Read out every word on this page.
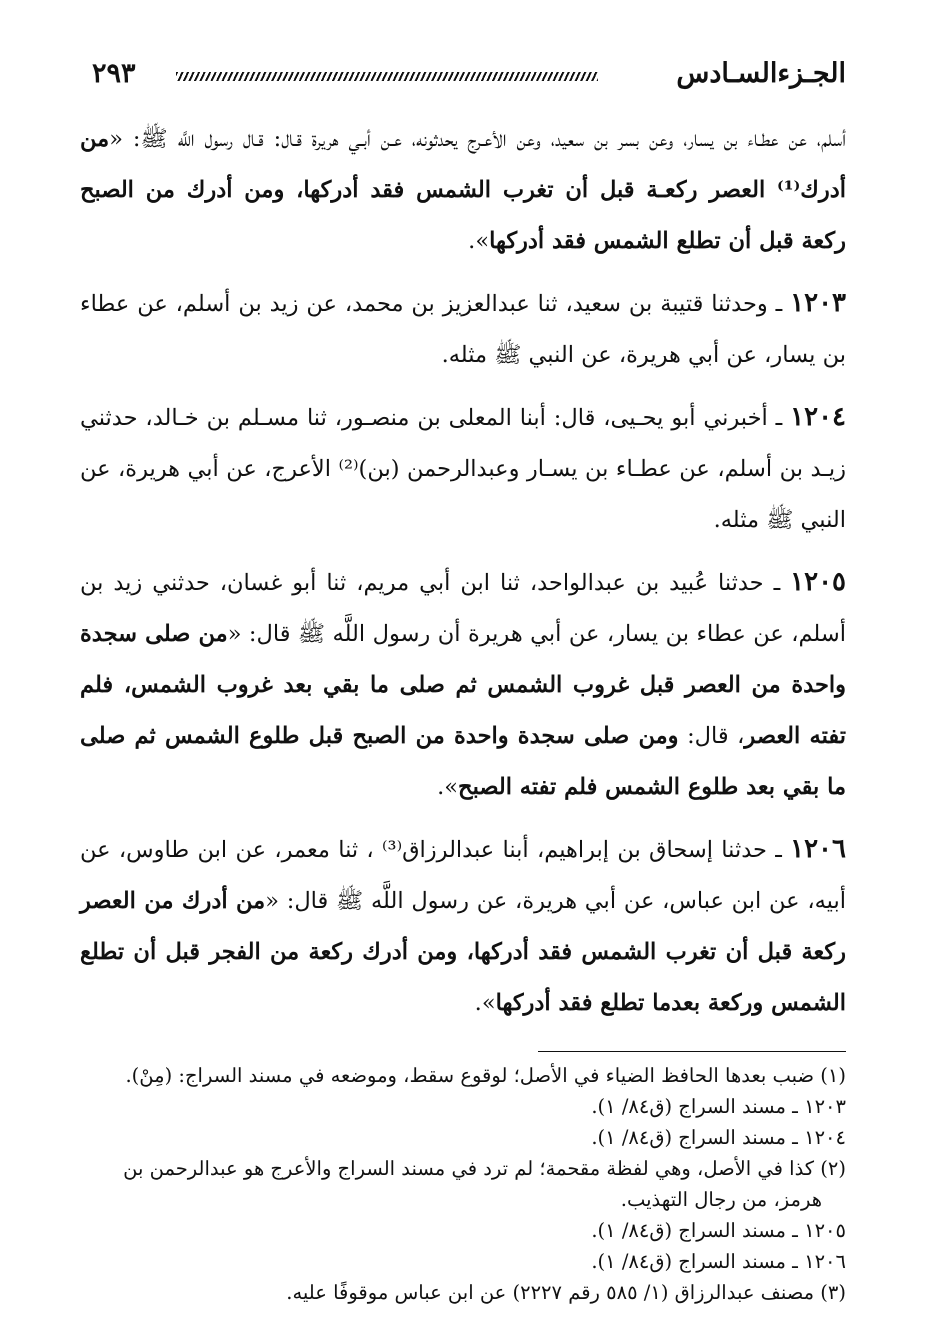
الجـزءالسـادس
٢٩٣

أسلم، عن عطـاء بن يسار، وعن بسر بن سعيد، وعن الأعـرج يحدثونه، عـن أبـي هريرة قـال: قـال رسول اللَّه ﷺ: «من أدرك⁽¹⁾ العصر ركعـة قبل أن تغرب الشمس فقد أدركها، ومن أدرك من الصبح ركعة قبل أن تطلع الشمس فقد أدركها».

١٢٠٣ ـ وحدثنا قتيبة بن سعيد، ثنا عبدالعزيز بن محمد، عن زيد بن أسلم، عن عطاء بن يسار، عن أبي هريرة، عن النبي ﷺ مثله.

١٢٠٤ ـ أخبرني أبو يحـيى، قال: أبنا المعلى بن منصـور، ثنا مسـلم بن خـالد، حدثني زيـد بن أسلم، عن عطـاء بن يسـار وعبدالرحمن (بن)⁽²⁾ الأعرج، عن أبي هريرة، عن النبي ﷺ مثله.

١٢٠٥ ـ حدثنا عُبيد بن عبدالواحد، ثنا ابن أبي مريم، ثنا أبو غسان، حدثني زيد بن أسلم، عن عطاء بن يسار، عن أبي هريرة أن رسول اللَّه ﷺ قال: «من صلى سجدة واحدة من العصر قبل غروب الشمس ثم صلى ما بقي بعد غروب الشمس، فلم تفته العصر، قال: ومن صلى سجدة واحدة من الصبح قبل طلوع الشمس ثم صلى ما بقي بعد طلوع الشمس فلم تفته الصبح».

١٢٠٦ ـ حدثنا إسحاق بن إبراهيم، أبنا عبدالرزاق⁽³⁾ ، ثنا معمر، عن ابن طاوس، عن أبيه، عن ابن عباس، عن أبي هريرة، عن رسول اللَّه ﷺ قال: «من أدرك من العصر ركعة قبل أن تغرب الشمس فقد أدركها، ومن أدرك ركعة من الفجر قبل أن تطلع الشمس وركعة بعدما تطلع فقد أدركها».

(١) ضبب بعدها الحافظ الضياء في الأصل؛ لوقوع سقط، وموضعه في مسند السراج: (مِنْ).

١٢٠٣ ـ مسند السراج (ق٨٤/ ١).

١٢٠٤ ـ مسند السراج (ق٨٤/ ١).

(٢) كذا في الأصل، وهي لفظة مقحمة؛ لم ترد في مسند السراج والأعرج هو عبدالرحمن بن

هرمز، من رجال التهذيب.

١٢٠٥ ـ مسند السراج (ق٨٤/ ١).

١٢٠٦ ـ مسند السراج (ق٨٤/ ١).

(٣) مصنف عبدالرزاق (١/ ٥٨٥ رقم ٢٢٢٧) عن ابن عباس موقوفًا عليه.
